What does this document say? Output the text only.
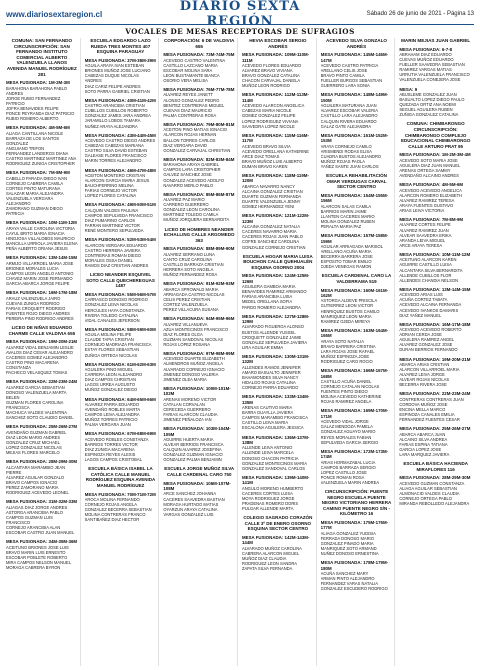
www.diariosextaregion.cl	DIARIO SEXTA REGIÓN	Sábado 26 de junio de 2021 - Página 13
VOCALES DE MESAS RECEPTORAS DE SUFRAGIOS
COMUNA: SAN FERNANDO CIRCUNSCRIPCIÓN: SAN FERNANDO INSTITUTO COMERCIAL ALBERTO VALENZUELA LLANOS AVENIDA MANUEL RODRÍGUEZ 281
MESA FUSIONADA: 1M-2M-3M
BARAHONA BARAHONA PABLO ANDRES
JORGE RUBIO FERNANDEZ PATRICIO
JOFRA BENAVIDES FELIPE
PONCE PEYRANDA DIAZ PATRICIO
RUBIO ROMERO ALBERTO
MESA FUSIONADA: 4M-5M-6M
ALIAGA CANTILLANA NICOLE
BARRAZA DE LOS SANTOS GONZALEZ
ANGUIANO TRIFON
FERNANDEZ LANDEROS DIANA
CASTRO MARTINEZ MARTINEZ ANA
RODRIGUEZ ZUNIGA CRISTOPHER
MESA FUSIONADA: 7M-8M-9M
CABELLO PARADA DIEGO IVAN
CORNEJO CABRERA CAMILA
CORTES PINTO MATURANA
SALAZAR MARIA ALEJANDRA
VALENZUELA VERGARA ALEJANDRO
ZAMORANO GUZMAN DIEGO PATRICIA
MESA FUSIONADA: 10M-11M-12M
ARAYA VALLE CAROLINA VICTORIA
CAYUL BRITO MARIA IGNACIA
HINOJOSA VILLALOBOS MAURICIO
MANCILLA URRIOLA JAVIERA ELENA
PEÑA ALBERTO ORIANA JESUS
MESA FUSIONADA: 13M-14M-15M
ARMIJO VILLARROEL MARIA JOSE
BRIONES MORALES LUCIA
CAMPOS LEON ANGELO ANTONIO
CHAVEZ MARIN JOSE FERNANDO
GARCIA ABARCA JORGE FELIPE
MESA FUSIONADA: 16M-17M-18M
ARAUZ VALENZUELA JAIRO
CUEVAS ZUNIGA RODRIGO
FARIAS CROQUETT RODRIGO
FUENTES ROJO DIEGO ANDRES
PEREIRA PINO RODRIGO ANDRES
LICEO DE NIÑAS EDUARDO CHARME CALLE VALDIVIA 655
MESA FUSIONADA: 19M-20M-21M
ALVAREZ VIDAL BENJAMIN LESLIE
AVALOS DIAZ CESAR ALEJANDRO
CACERES GOMEZ ALEJANDRO
CASTRO PINO MACARENA CONSTANZA
PACHECO VELASQUEZ TOMAS
MESA FUSIONADA: 22M-23M-24M
ALVAREZ GARCIA SEBASTIAN
DONOSO VALENZUELA MARTA BELEN
GUZMAN FLORES CAROLINA FRANCISCA
MACHUCA VALDES VALENTINA
SANCHEZ SOTO CLAUDIO DANIEL
MESA FUSIONADA: 25M-26M-27M
AVENDAÑO GUZMAN GABRIEL
DIAZ LEON MARIO ANDRES
GONZALEZ CRUZ MICHAEL
LOPEZ GONZALEZ NICOLAS
MEJIAS FLORES MARCELO
MESA FUSIONADA: 28M-29M-30M
ALCANTARA MARAMBIO JEAN PIERRE
ALVAREZ AGUILAR GONZALO
BRAVO CAMPOS IGNACIO
PEREZ ZAMORANO MARIA
RODRIGUEZ ACEVEDO LEONEL
MESA FUSIONADA: 31M-32M-33M
ALIAGAS DIAZ JORGE ANDRES
ASTORGA ARANCIBIA PABLO
CAMPOS GUZMAN LUIS FRANCISCO
CORNEJO ARANCIBIA ALAN
ESCOBAR CASTRO JUAN MANUEL
MESA FUSIONADA: 34M-35M-36M
ACEITUNO BRIONES JOSE LUIS
BRAVO MARIN LUIS ERNESTO
ESCOBAR POBLETE ROBERTO
MIRA CAMPOS NELSON MANUEL
MORAGA CABRERA BYRON
ESCUELA EDGARDO LAZO RUEDA TRES MONTES 407 ESQUINA PARAGUAY
MESA FUSIONADA: 37M-38M-39M
AGUILA ARAYA IVAN ESTEBAN
BRIONES MUÑOZ JOSE LUCIANO
CABEZAS DUQUE NICOLAS ANDRES
DIAZ CARIZ FELIPE ANDRES
SOTO PARRA GABRIEL CRISTIAN
MESA FUSIONADA: 40M-41M-42M
CASTRO ARANCIBIA CRISTIAN
CUBILLOS CUBILLOS ROBERTO
GONZALEZ JAMES JARA ANDREA
JARAMILLO LOBOS TAMARA
NUÑEZ ARAYA ALEJANDRA
MESA FUSIONADA: 43M-44M-45M
ACEVEDO CASTRO DIEGO ANDRES
CABEZAS CABEZAS MARIANA
CASTRO SILVA DAVID ESTEBAN
GALEASE FLORES FRANCISCO
MARIN TORRES ALEJANDRO
MESA FUSIONADA: 46M-47M-48M
ACEITON MONTERO CRISTIAN
ALARCON GARCIA MARIA JESUS
BAUCHFERRING MELINA
FARIAS CORNEJO VICTOR
LOPEZ FLORES CATALINA
MESA FUSIONADA: 49M-50M-51M
CALQUIN VALDES PAULINA
CAMPOS SEPULVEDA FRANCISCO
DIAZ PUMARINO CARLOS
FARRAN MARTINEZ VICTOR
RENÉ MONTERO SEPULVEDA
MESA FUSIONADA: 52M-53M-54M
ALARCON VERGARA EDUARDO
CASTRO HERRERA JAVIERA
CONTRERAS ROMAN DIEGO
MORALES OSSA DANIEL
RAMOS DIAZ CRISTIAN ANDRES
LICEO NEANDER ESQUIVEL SOTO CALLE QUECHEREGUAS 1487
MESA FUSIONADA: 55M-56M-57M
CARRASCO DONOSO RODRIGO
GONZALEZ LEIVA NICOLAS
HERCULES HAYA CONSTANZA
RIVERA TOLEDO CATALINA
VIDAL CANALES JEFERSON
MESA FUSIONADA: 58M-59M-60M
AGUILA MOLINA FELIPE
CLAUDE TAPIA CRISTIAN
CORNEJO MADRIAZA FRANCISCA
ESTAY FLORES SEBASTIAN
ZUÑIGA ORTEGA NICOLAS
MESA FUSIONADA: 61M-62M-63M
AGUILERA PINO MIGUEL
CARRERA LEON ALEJANDRO
DIAZ CAMPOS CHRISTIAN
LAGOS URREA AUGUSTO
MUÑOZ GONZALEZ DIEGO
MESA FUSIONADA: 64M-65M-66M
ALVAREZ PARRA EDUARDO
AVENDAÑO ROBLES MARTA
CAMPOS LEIVA ALEJANDRA
MUÑOZ TORRES PATRICIO
PALMA VERGARA JUAN
MESA FUSIONADA: 67M-68M-69M
ACEVEDO ROBLES CONSTANZA
BARRIOS TORRES VICTOR
DIAZ ZUNIGA MACARENA
ESPINOZA REYES ALEXIS
LAGOS CAMPOS CRISTOBAL
ESCUELA BÁSICA ISABEL LA CATÓLICA CALLE MANUEL RODRÍGUEZ ESQUINA AVENIDA MANUEL RODRÍGUEZ
MESA FUSIONADA: 70M-71M-72M
AROCA MOLINA FERNANDO
CORNEJO ROJAS ANGELA
GONZALEZ BECERRA SEBASTIAN
MOLINA CONTRERAS FRANCO
SANTIBAÑEZ DIAZ HECTOR
CORPORACIÓN: 6 DE VALDIVIA 655
MESA FUSIONADA: 73M-74M-75M
ACEVEDO CASTRO VALENTINA
CASTILLO LAZCANO MARIA
ESCOBAR MOLINA SARA
LEON BUSTAMANTE BIANCA
OSORIO VERA MELISA
MESA FUSIONADA: 76M-77M-78M
ALVAREZ REYES JANETT
ALONSO GONZALEZ PEDRO
BENITEZ CONTRERAS MIGUEL
CUEVAS DIAZ MAURICIO
PALMA CONTRERAS ROSA
MESA FUSIONADA: 79M-80M-81M
ACEITON PINO MATIAS IGNACIO
ALARCON ROJAS HERNAN
BALLON TORRES CARLOS
DIAZ VERGARA DAVID
GONZALEZ CARVAJAL CHRISTIAN
MESA FUSIONADA: 82M-83M-84M
BARAHONA ARAYA GABRIEL
CAMPOS LARA CRISTOPHER
GALVEZ SANCHEZ JOSE
GONZALEZ ACEVEDO ADOLFO
NAVARRO MERLO PABLO
MESA FUSIONADA: 85M-86M-87M
ALVAREZ PAZ MARIO
CARRERO GUERRERO
GONZALEZ LEON CAROLINA
MARTINEZ TOLEDO CAMILA
MUÑOZ JORQUERA BERNARDITA
LICEO DE HOMBRES NEANDER ECHALLING CALLE ARGOMEDO 363
MESA FUSIONADA: 88M-89M-90M
ALVAREZ SERRANO LUNA
CANTO CRUZ CAROLINA
CASTILLO BARRAZA CRISTIAN
HERRERA SOTO ANGELA
MUÑOZ FERNANDEZ ROSA
MESA FUSIONADA: 91M-92M-93M
ABARCA SPROWALD MARIA
ARRIAGADA CASTRO NICOLAS
CELIS PEREZ CRISTIAN
CORTEZ VALENZUELA
PEREZ VILLACURA SUSANA
MESA FUSIONADA: 94M-95M-96M
ALVAREZ VILLANUEVA
AZUA MONTECINOS FRANCISCO
DIAZ FLORES OLGA
GUZMAN SANDOVAL NICOLAS
ROJAS LOPEZ ROSANA
MESA FUSIONADA: 97M-98M-99M
ACEVEDO DUARTE ELIZABETH
ALMENDROS MUÑOZ ANGELA
ALVARADO CORNEJO IGNACIO
JIMENEZ DONOSO VALERIA
JIMENEZ OLEA MARIA
MESA FUSIONADA: 100M-101M-102M
ARENAS MORENO VICTOR
CATALAN CORVALAN
CERECEDA GUERRERO
FARIAS ALARCON CLAUDIA
JIMENEZ PEÑALOZA IAN
MESA FUSIONADA: 103M-104M-105M
AGUIRRE HUERTA MARIA
ALVEAR BERRIOS FRANCISCA
CALQUIN ALVAREZ JOSEFINA
GONZALEZ GUZMAN IGNACIO
GONZALEZ PALMA BENJAMIN
ESCUELA JORGE MUÑOZ SILVA CALLE CARDENAL CARO 750
MESA FUSIONADA: 106M-107M-108M
ARCE SANCHEZ JOHANNA
CACERES SAAVEDRA BASTIAN
MORAGA HURTADO MATIAS
OYARZUN ARAYA CATALINA
VARGAS GONZALEZ LUIS
HEVIA ESCOBAR SERGIO ANDRÉS
MESA FUSIONADA: 109M-110M-111M
ACEVEDO FLORES EDUARDO
ALVAREZ BRAVO VIVIANA
BRAVO GONZALEZ CATALINA
CHACON CARVAJAL DANIELA
MUÑOZ LEON RODRIGO
MESA FUSIONADA: 112M-113M-114M
ACEVEDO ALARCON ANGELICA
CABEZAS MARIA NICOLE
GOMEZ GONZALEZ FELIPE
LOPEZ RODRIGUEZ VIVIANA
SAAVEDRA LOPEZ NICOLE
MESA FUSIONADA: 115M-116M-117M
ACEVEDO BRAVO SILVIA
ACEVEDO ORELLANA KATHERINE
ARCE DIAZ TOMAS
BRAVO MUÑOZ LUIS ALBERTO
DUMAN BRAVO KAREN
MESA FUSIONADA: 118M-119M-120M
ABARCA NAVARRO NANCY
ALCAINA GONZALEZ CRISTIAN
DUARTE GUZMAN FERNANDA
DUARTE VALENZUELA JENNY
GOMEZ HERNANDEZ YENI
MESA FUSIONADA: 121M-122M-123M
ALCAINA GONZALEZ NATALIA
CACERES NAVARRO MARIA
CACERES ROJAS JUAN PABLO
COFRE SANCHEZ CAROLINA
GONZALEZ CORNEJO CRISTIAN
ESCUELA HOGAR MARIA LUISA BOUCHON CALLE QUEHUALÉN ESQUINA OSORNO 2004
MESA FUSIONADA: 124M-125M-126M
AGUILERA GAMBOA MARIA
BENAVIDES RAMIREZ ARMANDO
FARIAS ARANCIBIA LUISA
MEDEL ORELLANA SOFIA
PARDO ROMERO ALEJANDRA
MESA FUSIONADA: 127M-128M-129M
ALVARADO FIGUEROA ALONSO
BUSTOS ALLENDE YUSSEL
CROQUETT GONZALEZ JAIME
GONZALEZ SEPULVEDA JAVIERA
LIRA AGUILAR EMMA
MESA FUSIONADA: 130M-131M-132M
ALLENDES RAMOS JENNIFER
AMARO BASUALTO JENNIFER
BAHAMONDES SILVA NANCY
HIDALGO ROJAS CATALINA
CORNEJO PARRA EDUARDO
MESA FUSIONADA: 133M-134M-135M
ARENAS CAUTIVO MARIA
BARRA GUAYLLA JAVIERA
CAMPOS MARAMBIO FRANCISCA
CASTILLO LEIVA MARIA
ESCALONA AGUILERA JESSICA
MESA FUSIONADA: 136M-137M-138M
ALLENDE LEIVA ANTONIO
ALLENDE LEIVA MARCELA
DONOSO CHACON PATRICIA
GONZALEZ MONTECINOS MARIA
GONZALEZ SANDOVAL CARLOS
MESA FUSIONADA: 139M-140M-141M
ANGULO MORENO HUMBERTO
CACERES CORTES LUISA
MOYA RODRIGUEZ JORGE
PRADENAS ROMERO DORIS
PULGAR ALLENDE MARTA
COLEGIO SAGRADO CORAZÓN CALLE 3º DE ENERO OSORNO ESQUINA SECTOR CENTRO
MESA FUSIONADA: 142M-143M-144M
ALVARADO MUÑOZ CAROLINA
CABRERA ALARCON MIGUEL
MUÑOZ DIAZ CLAUDIA
RODRIGUEZ LEON SANDRA
ZAPATA SILVA FERNANDA
ACEVEDO SILVA GONZALO ANDRÉS
MESA FUSIONADA: 145M-146M-147M
ACEVEDO CASTRO PATRICIA
ARELLANO CELIS JOSE
BRAVO PINTO CAMILA
FUELLER BURGOS SEBASTIAN
GUERRERO LARA SONIA
MESA FUSIONADA: 148M-149M-150M
AGUILERA MATURANA JUAN
ALVAREZ ESCOBAR VALERIA
CASTILLO LARA ALEJANDRO
CALQUIN RIVERA EDUARDO
GALAZ GATE ALEJANDRA
MESA FUSIONADA: 151M-152M-153M
ARAYA CORNEJO CAMILO
ARISMENDI RODAS ELISA
CUADRA BUSTOS ALEJANDRO
MUÑOZ ROJAS PAOLA
YAÑEZ SANTE JUAN CARLOS
ESCUELA REHABILITACIÓN OMAR VERDUGAS CARVAL SECTOR CENTRO
MESA FUSIONADA: 154M-155M-156M
ALARCON SALAS CAMILA
BARRIOS MARIN JAIME
LLANTEN CACERES MARIO
MOLINA GONZALEZ RUBEN
PERALTA MARIA PAZ
MESA FUSIONADA: 157M-158M-159M
AGUILAR ARRIAGADA MARISOL
ARELLANO ACUÑA MARIA
BECERRA BARRERA JOSE
ESPOSITO TOBAR EMILIO
OJEDA VENEGAS RAMON
ESCUELA CARDENAL CARO LA VALDERRAMA 519
MESA FUSIONADA: 160M-161M-162M
ASTORGA ALDEVE PRISCILA
GUTIERREZ LEON VICTOR
HENRIQUEZ BUSTOS CAMILO
MANRIQUEZ LEON MARIA
RAMIREZ OJEDA MIREYA
MESA FUSIONADA: 163M-164M-165M
ARAYA SOTO NATALIA
BRAVO BARRERA CRISTINA
LARA ROJAS JOSE RAFAEL
MUÑOZ ESPINOZA JOSE
RODRIGUEZ CARO ROCIO
MESA FUSIONADA: 166M-167M-168M
CASTILLO ACUÑA DANIEL
CORNEJO CATALAN NICOLAS
FUENTES PINTO DIEGO
MOLINA ACEVEDO KATHERINE
ROJAS RAMIREZ ANGELA
MESA FUSIONADA: 169M-170M-171M
ACEVEDO VIDAL JORGE
GALAZ MENDOZA PAMELA
GONZALEZ AGUAYO MARIO
REYES MORALES FABIAN
SEPULVEDA GARCIA SERGIO
MESA FUSIONADA: 172M-173M-174M
ARIAS HORMAZABAL LUCIA
CAMPOS BARRAZA SERGIO
LOPEZ CASTILLO JOSE
PONCE ROMAN ROSA
VALENZUELA MARIN ANDREA
CIRCUNSCRIPCIÓN: PUENTE NEGRO ESCUELA PUENTE NEGRO VICTORIANO HERRERA CAMINO PUENTE NEGRO S/N - KILÓMETRO 16
MESA FUSIONADA: 175M-176M-177M
ALIAGA GONZALEZ YUDISIA
FERRADA DONOSO MARIO
GONZALEZ PINADO MARIA
MANRIQUEZ SOTO ARMAND
NUÑEZ DONOSO ERNESTINA
MESA FUSIONADA: 178M-179M-180M
ACUÑA SANCHEZ MARY
ARMAN PINTO ALEJANDRO
FERNANDEZ VARAS NATALIA
GONZALEZ ESCUDERO RODRIGO
MARIN MEJIAS JUAN GABRIEL
MESA FUSIONADA: 6-7-8
ABRAHAM DIAZ EDUARDO
CUEVAS MUÑOZ EDUARDO
FUELLER SAAVEDRA SEBASTIAN
RAMIREZ VARGAS MATIAS
URRUTIA VALENZUELA FRANCISCO
VALENZUELA CONEJERA JOSE
MESA: 9
ABUSLEME GONZALEZ JUAN
BASUALTO LOPEZ DIEGO PAULO
QUEZADA ORTIZ ANA NOEMI
SEGUEL AGUILERA RUBEN
ZUÑIGA GONZALEZ CATALINA
COMUNA: CHIMBARONGO CIRCUNSCRIPCIÓN: CHIMBARONGO COMPLEJO EDUCACIONAL CHIMBARONGO CALLE ARTURO PRAT 95
MESA FUSIONADA: 1M-2M-3M-4M
ACEVEDO SOTO MARIA JOSE
AGUILERA DIAZ JUAN MANUEL
ARENAS ORTEGA SAMMY
AVENDAÑO ALCAINO ANDRES
MESA FUSIONADA: 4M-5M-6M
ACEVEDO ACEVEDO ANGELICA
ALARCON ROMERO ELIZABETH
ALVAREZ RAMIREZ TERESA
ARAYA FUENTES GUSTAVO
ARIAS LEIVA VICTORIA
MESA FUSIONADA: 7M-8M-9M
ALVAREZ CORTES FELIPE
ALVAREZ RAMIREZ JUAN
ALVEAR SAAVEDRA ERIKA
ARANDA LEIVA MIGUEL
ARCE ARAYA TERESA
MESA FUSIONADA: 10M-11M-12M
ACEITUNO ALARCON KAREN
AGUIRRE CASTILLO LUISA
ALCANTARA SILVA BERNARDITA
ALLENDE CUBILLOS FLOR
ALLENDES CHANDIA NELSON
MESA FUSIONADA: 13M-14M-15M
ACEVEDO ARIAS LUIS
ACUÑA CORTEZ TABATA
ACEVEDO ALCAINA FERNANDA
ACEVEDO IVANKOS DAMARIS
DIAZ YAÑEZ MANUEL
MESA FUSIONADA: 16M-17M-18M
ACEVEDO ACEVEDO ROBERTO
ADRIAN CERDA JOSE
AGUILERA RAMIREZ ANGEL
ALVAREZ GONZALEZ JOSE
DURAN BERRIOS FERNANDO
MESA FUSIONADA: 19M-20M-21M
ABARCA ARIAS CRISTIAN
ALARCON VILLARROEL MARIA
ALVAREZ LEIVA JORGE
ALVEAR ROJAS NICOLAS
BECERRA RIVERA JOSE
MESA FUSIONADA: 22M-23M-24M
CONTRERAS CONTRERAS JUAN
CORDOVA MUÑOZ JOSE
ENCINA MELLA MARCO
ESPINOZA CANALES EMILIA
FERNANDEZ FUENTES CESAR
MESA FUSIONADA: 25M-26M-27M
ABARCA ABARCA JUAN
ALCAINO SILVA ANDREA
FARIAS ESPINA TATIANA
GARCIA LOPEZ JOSE
LARA MARQUEZ JAVIERA
ESCUELA BÁSICA HACIENDA MIRAFLORES 116
MESA FUSIONADA: 28M-29M-30M
ACEVEDO GUZMAN CONSTANZA
ALIAGA AGUILAR SEBASTIAN
ALMONACID VALDES CLAUDIA
CORNEJO ORTEGA PABLO
MIRANDA REBOLLEDO ALEJANDRA
